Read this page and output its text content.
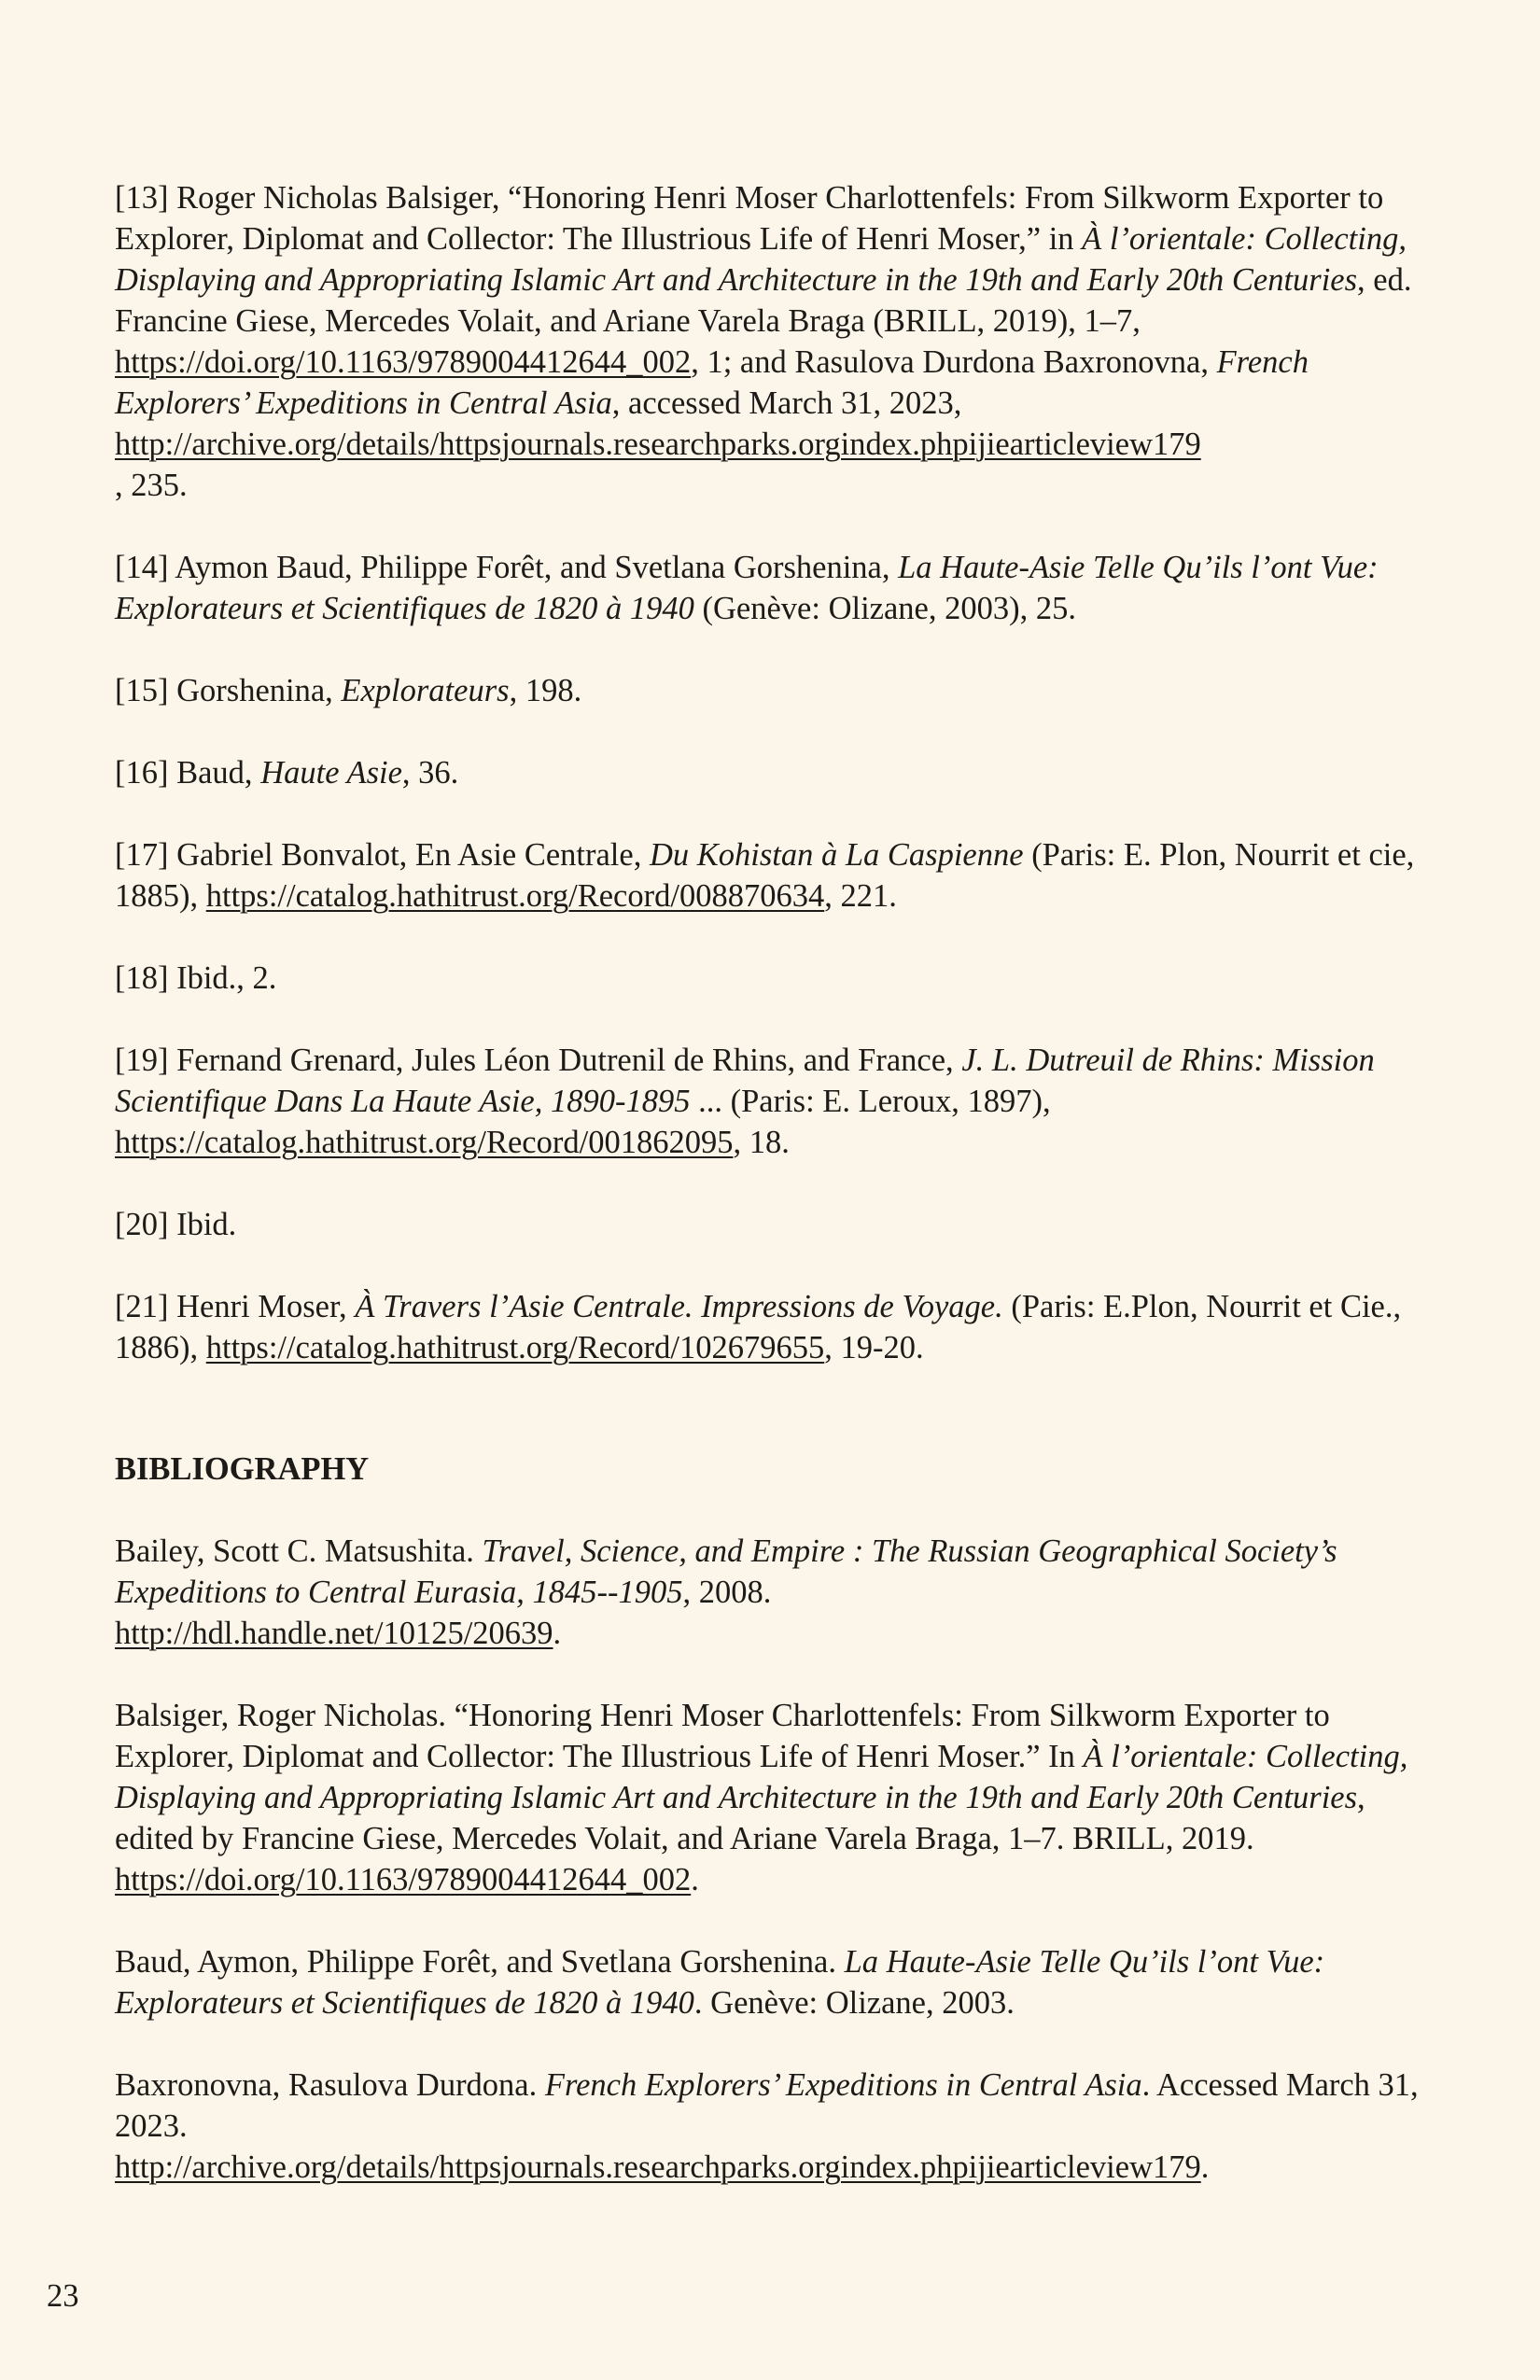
[13] Roger Nicholas Balsiger, “Honoring Henri Moser Charlottenfels: From Silkworm Exporter to Explorer, Diplomat and Collector: The Illustrious Life of Henri Moser,” in À l’orientale: Collecting, Displaying and Appropriating Islamic Art and Architecture in the 19th and Early 20th Centuries, ed. Francine Giese, Mercedes Volait, and Ariane Varela Braga (BRILL, 2019), 1–7, https://doi.org/10.1163/9789004412644_002, 1; and Rasulova Durdona Baxronovna, French Explorers’ Expeditions in Central Asia, accessed March 31, 2023,
http://archive.org/details/httpsjournals.researchparks.orgindex.phpijiearticleview179
, 235.

[14] Aymon Baud, Philippe Forêt, and Svetlana Gorshenina, La Haute-Asie Telle Qu’ils l’ont Vue: Explorateurs et Scientifiques de 1820 à 1940 (Genève: Olizane, 2003), 25.

[15] Gorshenina, Explorateurs, 198.

[16] Baud, Haute Asie, 36.

[17] Gabriel Bonvalot, En Asie Centrale, Du Kohistan à La Caspienne (Paris: E. Plon, Nourrit et cie, 1885), https://catalog.hathitrust.org/Record/008870634, 221.

[18] Ibid., 2.

[19] Fernand Grenard, Jules Léon Dutrenil de Rhins, and France, J. L. Dutreuil de Rhins: Mission Scientifique Dans La Haute Asie, 1890-1895 ... (Paris: E. Leroux, 1897), https://catalog.hathitrust.org/Record/001862095, 18.

[20] Ibid.

[21] Henri Moser, À Travers l’Asie Centrale. Impressions de Voyage. (Paris: E.Plon, Nourrit et Cie., 1886), https://catalog.hathitrust.org/Record/102679655, 19-20.

BIBLIOGRAPHY

Bailey, Scott C. Matsushita. Travel, Science, and Empire : The Russian Geographical Society’s Expeditions to Central Eurasia, 1845--1905, 2008.
http://hdl.handle.net/10125/20639.

Balsiger, Roger Nicholas. “Honoring Henri Moser Charlottenfels: From Silkworm Exporter to Explorer, Diplomat and Collector: The Illustrious Life of Henri Moser.” In À l’orientale: Collecting, Displaying and Appropriating Islamic Art and Architecture in the 19th and Early 20th Centuries, edited by Francine Giese, Mercedes Volait, and Ariane Varela Braga, 1–7. BRILL, 2019. https://doi.org/10.1163/9789004412644_002.

Baud, Aymon, Philippe Forêt, and Svetlana Gorshenina. La Haute-Asie Telle Qu’ils l’ont Vue: Explorateurs et Scientifiques de 1820 à 1940. Genève: Olizane, 2003.

Baxronovna, Rasulova Durdona. French Explorers’ Expeditions in Central Asia. Accessed March 31, 2023.
http://archive.org/details/httpsjournals.researchparks.orgindex.phpijiearticleview179.

23
